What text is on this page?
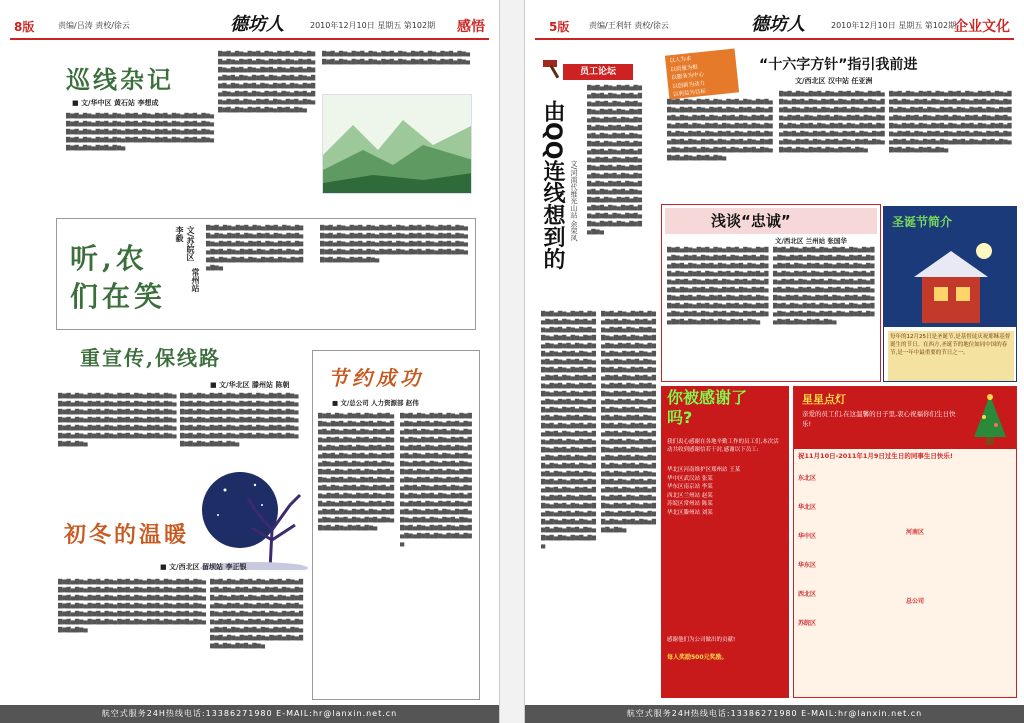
8版	责编/吕涛 责校/徐云	德坊人	2010年12月10日 星期五 第102期 感悟
巡线杂记
■ 文/华中区 黄石站 李想成
▇▆▇▅▇▆▅▇▆▇▅▇▆▅▇▆▇▅▇▆▅▇▆▇▅▇▆▅▇▆▇▅▇▆▅▇▆▇▅▇▆▅▇▆▇▅▇▆▅▇▆▇▅▇▆▅▇▆▇▅▇▆▅▇▆▇▅▇▆▅▇▆▇▅▇▆▅▇▆▇▅▇▆▅▇▆▇▅▇▆▅▇▆▇▅▇▆▅▇▆▇▅▇▆▅▇▆▇▅▇▆▅▇▆▇▅▇▆▅▇▆▇▅▇▆▅▇▆▇▅▇▆▅▇▆▇▅▇▆▅▇▆▇▅▇▆▅▇▆▇▅▇▆▅
▇▆▇▅▇▆▅▇▆▇▅▇▆▅▇▆▇▅▇▆▅▇▆▇▅▇▆▅▇▆▇▅▇▆▅▇▆▇▅▇▆▅▇▆▇▅▇▆▅▇▆▇▅▇▆▅▇▆▇▅▇▆▅▇▆▇▅▇▆▅▇▆▇▅▇▆▅▇▆▇▅▇▆▅▇▆▇▅▇▆▅▇▆▇▅▇▆▅▇▆▇▅▇▆▅▇▆▇▅▇▆▅▇▆▇▅▇▆▅▇▆▇▅▇▆▅▇▆▇▅▇▆▅▇▆▇▅▇▆▅▇▆▇▅▇▆▅▇▆▇▅▇▆▅▇▆▇▅▇▆▅▇▆▇▅▇▆▅▇▆▇▅▇▆▅▇▆▇▅▇▆▅
▇▆▇▅▇▆▅▇▆▇▅▇▆▅▇▆▇▅▇▆▅▇▆▇▅▇▆▅▇▆▇▅▇▆▅▇▆▇▅▇▆▅▇▆▇▅▇▆▅▇▆▇▅▇▆▅▇▆▇▅▇▆▅▇▆▇▅▇▆▅
听,农们在笑
文/苏皖区 李毅
常州站
▇▆▇▅▇▆▅▇▆▇▅▇▆▅▇▆▇▅▇▆▅▇▆▇▅▇▆▅▇▆▇▅▇▆▅▇▆▇▅▇▆▅▇▆▇▅▇▆▅▇▆▇▅▇▆▅▇▆▇▅▇▆▅▇▆▇▅▇▆▅▇▆▇▅▇▆▅▇▆▇▅▇▆▅▇▆▇▅▇▆▅▇▆▇▅▇▆▅▇▆▇▅▇▆▅▇▆▇▅▇▆▅▇▆▇▅▇▆▅
▇▆▇▅▇▆▅▇▆▇▅▇▆▅▇▆▇▅▇▆▅▇▆▇▅▇▆▅▇▆▇▅▇▆▅▇▆▇▅▇▆▅▇▆▇▅▇▆▅▇▆▇▅▇▆▅▇▆▇▅▇▆▅▇▆▇▅▇▆▅▇▆▇▅▇▆▅▇▆▇▅▇▆▅▇▆▇▅▇▆▅▇▆▇▅▇▆▅▇▆▇▅▇▆▅▇▆▇▅▇▆▅▇▆▇▅▇▆▅▇▆▇▅▇▆▅▇▆▇▅▇▆▅▇▆▇▅▇▆▅▇▆▇▅▇▆▅▇▆▇▅▇▆▅
重宣传,保线路
■ 文/华北区 滕州站 陈朝
▇▆▇▅▇▆▅▇▆▇▅▇▆▅▇▆▇▅▇▆▅▇▆▇▅▇▆▅▇▆▇▅▇▆▅▇▆▇▅▇▆▅▇▆▇▅▇▆▅▇▆▇▅▇▆▅▇▆▇▅▇▆▅▇▆▇▅▇▆▅▇▆▇▅▇▆▅▇▆▇▅▇▆▅▇▆▇▅▇▆▅▇▆▇▅▇▆▅▇▆▇▅▇▆▅▇▆▇▅▇▆▅▇▆▇▅▇▆▅▇▆▇▅▇▆▅▇▆▇▅▇▆▅▇▆▇▅▇▆▅▇▆▇▅▇▆▅▇▆▇▅▇▆▅▇▆▇▅▇▆▅▇▆▇▅▇▆▅▇▆▇▅▇▆▅
▇▆▇▅▇▆▅▇▆▇▅▇▆▅▇▆▇▅▇▆▅▇▆▇▅▇▆▅▇▆▇▅▇▆▅▇▆▇▅▇▆▅▇▆▇▅▇▆▅▇▆▇▅▇▆▅▇▆▇▅▇▆▅▇▆▇▅▇▆▅▇▆▇▅▇▆▅▇▆▇▅▇▆▅▇▆▇▅▇▆▅▇▆▇▅▇▆▅▇▆▇▅▇▆▅▇▆▇▅▇▆▅▇▆▇▅▇▆▅▇▆▇▅▇▆▅▇▆▇▅▇▆▅▇▆▇▅▇▆▅▇▆▇▅▇▆▅▇▆▇▅▇▆▅▇▆▇▅▇▆▅▇▆▇▅▇▆▅▇▆▇▅▇▆▅▇▆▇▅▇▆▅
节约成功
■ 文/总公司 人力资源部 赵伟
▇▆▇▅▇▆▅▇▆▇▅▇▆▅▇▆▇▅▇▆▅▇▆▇▅▇▆▅▇▆▇▅▇▆▅▇▆▇▅▇▆▅▇▆▇▅▇▆▅▇▆▇▅▇▆▅▇▆▇▅▇▆▅▇▆▇▅▇▆▅▇▆▇▅▇▆▅▇▆▇▅▇▆▅▇▆▇▅▇▆▅▇▆▇▅▇▆▅▇▆▇▅▇▆▅▇▆▇▅▇▆▅▇▆▇▅▇▆▅▇▆▇▅▇▆▅▇▆▇▅▇▆▅▇▆▇▅▇▆▅▇▆▇▅▇▆▅▇▆▇▅▇▆▅▇▆▇▅▇▆▅▇▆▇▅▇▆▅▇▆▇▅▇▆▅▇▆▇▅▇▆▅▇▆▇▅▇▆▅▇▆▇▅▇▆▅▇▆▇▅▇▆▅▇▆▇▅▇▆▅▇▆▇▅▇▆▅▇▆▇▅▇▆▅▇▆▇▅▇▆▅▇▆▇▅▇▆▅▇▆▇▅▇▆▅▇▆▇▅▇▆▅▇▆▇▅▇▆▅▇▆▇▅▇▆▅
▇▆▇▅▇▆▅▇▆▇▅▇▆▅▇▆▇▅▇▆▅▇▆▇▅▇▆▅▇▆▇▅▇▆▅▇▆▇▅▇▆▅▇▆▇▅▇▆▅▇▆▇▅▇▆▅▇▆▇▅▇▆▅▇▆▇▅▇▆▅▇▆▇▅▇▆▅▇▆▇▅▇▆▅▇▆▇▅▇▆▅▇▆▇▅▇▆▅▇▆▇▅▇▆▅▇▆▇▅▇▆▅▇▆▇▅▇▆▅▇▆▇▅▇▆▅▇▆▇▅▇▆▅▇▆▇▅▇▆▅▇▆▇▅▇▆▅▇▆▇▅▇▆▅▇▆▇▅▇▆▅▇▆▇▅▇▆▅▇▆▇▅▇▆▅▇▆▇▅▇▆▅▇▆▇▅▇▆▅▇▆▇▅▇▆▅▇▆▇▅▇▆▅▇▆▇▅▇▆▅▇▆▇▅▇▆▅▇▆▇▅▇▆▅▇▆▇▅▇▆▅▇▆▇▅▇▆▅▇▆▇▅▇▆▅▇▆▇▅▇▆▅▇▆▇▅▇▆▅▇▆▇▅▇▆▅▇▆▇▅▇▆▅
初冬的温暖
■ 文/西北区 留坝站 李正银
▇▆▇▅▇▆▅▇▆▇▅▇▆▅▇▆▇▅▇▆▅▇▆▇▅▇▆▅▇▆▇▅▇▆▅▇▆▇▅▇▆▅▇▆▇▅▇▆▅▇▆▇▅▇▆▅▇▆▇▅▇▆▅▇▆▇▅▇▆▅▇▆▇▅▇▆▅▇▆▇▅▇▆▅▇▆▇▅▇▆▅▇▆▇▅▇▆▅▇▆▇▅▇▆▅▇▆▇▅▇▆▅▇▆▇▅▇▆▅▇▆▇▅▇▆▅▇▆▇▅▇▆▅▇▆▇▅▇▆▅▇▆▇▅▇▆▅▇▆▇▅▇▆▅▇▆▇▅▇▆▅▇▆▇▅▇▆▅▇▆▇▅▇▆▅▇▆▇▅▇▆▅▇▆▇▅▇▆▅▇▆▇▅▇▆▅▇▆▇▅▇▆▅▇▆▇▅▇▆▅▇▆▇▅▇▆▅
▇▆▇▅▇▆▅▇▆▇▅▇▆▅▇▆▇▅▇▆▅▇▆▇▅▇▆▅▇▆▇▅▇▆▅▇▆▇▅▇▆▅▇▆▇▅▇▆▅▇▆▇▅▇▆▅▇▆▇▅▇▆▅▇▆▇▅▇▆▅▇▆▇▅▇▆▅▇▆▇▅▇▆▅▇▆▇▅▇▆▅▇▆▇▅▇▆▅▇▆▇▅▇▆▅▇▆▇▅▇▆▅▇▆▇▅▇▆▅▇▆▇▅▇▆▅▇▆▇▅▇▆▅▇▆▇▅▇▆▅▇▆▇▅▇▆▅▇▆▇▅▇▆▅▇▆▇▅▇▆▅▇▆▇▅▇▆▅▇▆▇▅▇▆▅▇▆▇▅▇▆▅▇▆▇▅▇▆▅
航空式服务24H热线电话:13386271980 E-MAIL:hr@lanxin.net.cn
5版 责编/王利轩 责校/徐云	德坊人	2010年12月10日 星期五 第102期
企业文化
员工论坛
由QQ连线想到的 文/河南代维光山站 余荣风
▇▆▇▅▇▆▅▇▆▇▅▇▆▅▇▆▇▅▇▆▅▇▆▇▅▇▆▅▇▆▇▅▇▆▅▇▆▇▅▇▆▅▇▆▇▅▇▆▅▇▆▇▅▇▆▅▇▆▇▅▇▆▅▇▆▇▅▇▆▅▇▆▇▅▇▆▅▇▆▇▅▇▆▅▇▆▇▅▇▆▅▇▆▇▅▇▆▅▇▆▇▅▇▆▅▇▆▇▅▇▆▅▇▆▇▅▇▆▅▇▆▇▅▇▆▅▇▆▇▅▇▆▅▇▆▇▅▇▆▅▇▆▇▅▇▆▅▇▆▇▅▇▆▅▇▆▇▅▇▆▅▇▆▇▅▇▆▅▇▆▇▅▇▆▅▇▆▇▅▇▆▅▇▆▇▅▇▆▅▇▆▇▅▇▆▅▇▆▇▅▇▆▅▇▆▇▅▇▆▅▇▆▇▅▇▆▅▇▆▇▅▇▆▅▇▆▇▅▇▆▅▇▆▇▅▇▆▅
▇▆▇▅▇▆▅▇▆▇▅▇▆▅▇▆▇▅▇▆▅▇▆▇▅▇▆▅▇▆▇▅▇▆▅▇▆▇▅▇▆▅▇▆▇▅▇▆▅▇▆▇▅▇▆▅▇▆▇▅▇▆▅▇▆▇▅▇▆▅▇▆▇▅▇▆▅▇▆▇▅▇▆▅▇▆▇▅▇▆▅▇▆▇▅▇▆▅▇▆▇▅▇▆▅▇▆▇▅▇▆▅▇▆▇▅▇▆▅▇▆▇▅▇▆▅▇▆▇▅▇▆▅▇▆▇▅▇▆▅▇▆▇▅▇▆▅▇▆▇▅▇▆▅▇▆▇▅▇▆▅▇▆▇▅▇▆▅▇▆▇▅▇▆▅▇▆▇▅▇▆▅▇▆▇▅▇▆▅▇▆▇▅▇▆▅▇▆▇▅▇▆▅▇▆▇▅▇▆▅▇▆▇▅▇▆▅▇▆▇▅▇▆▅▇▆▇▅▇▆▅▇▆▇▅▇▆▅▇▆▇▅▇▆▅▇▆▇▅▇▆▅▇▆▇▅▇▆▅▇▆▇▅▇▆▅▇▆▇▅▇▆▅▇▆▇▅▇▆▅▇▆▇▅▇▆▅▇▆▇▅▇▆▅▇▆▇▅▇▆▅▇▆▇▅▇▆▅▇▆▇▅▇▆▅▇▆▇▅▇▆▅▇▆▇▅▇▆▅▇▆▇▅▇▆▅▇▆▇▅▇▆▅▇▆▇▅▇▆▅▇▆▇▅▇▆▅▇▆▇▅▇▆▅▇▆▇▅▇▆▅▇▆▇▅▇▆▅
▇▆▇▅▇▆▅▇▆▇▅▇▆▅▇▆▇▅▇▆▅▇▆▇▅▇▆▅▇▆▇▅▇▆▅▇▆▇▅▇▆▅▇▆▇▅▇▆▅▇▆▇▅▇▆▅▇▆▇▅▇▆▅▇▆▇▅▇▆▅▇▆▇▅▇▆▅▇▆▇▅▇▆▅▇▆▇▅▇▆▅▇▆▇▅▇▆▅▇▆▇▅▇▆▅▇▆▇▅▇▆▅▇▆▇▅▇▆▅▇▆▇▅▇▆▅▇▆▇▅▇▆▅▇▆▇▅▇▆▅▇▆▇▅▇▆▅▇▆▇▅▇▆▅▇▆▇▅▇▆▅▇▆▇▅▇▆▅▇▆▇▅▇▆▅▇▆▇▅▇▆▅▇▆▇▅▇▆▅▇▆▇▅▇▆▅▇▆▇▅▇▆▅▇▆▇▅▇▆▅▇▆▇▅▇▆▅▇▆▇▅▇▆▅▇▆▇▅▇▆▅▇▆▇▅▇▆▅▇▆▇▅▇▆▅▇▆▇▅▇▆▅▇▆▇▅▇▆▅▇▆▇▅▇▆▅▇▆▇▅▇▆▅▇▆▇▅▇▆▅▇▆▇▅▇▆▅▇▆▇▅▇▆▅▇▆▇▅▇▆▅▇▆▇▅▇▆▅▇▆▇▅▇▆▅▇▆▇▅▇▆▅▇▆▇▅▇▆▅▇▆▇▅▇▆▅▇▆▇▅▇▆▅▇▆▇▅▇▆▅▇▆▇▅▇▆▅
以人为本
以质量为根
以服务为中心
以创新为动力
以利益为目标
“十六字方针”指引我前进
文/西北区 汉中站 任亚洲
▇▆▇▅▇▆▅▇▆▇▅▇▆▅▇▆▇▅▇▆▅▇▆▇▅▇▆▅▇▆▇▅▇▆▅▇▆▇▅▇▆▅▇▆▇▅▇▆▅▇▆▇▅▇▆▅▇▆▇▅▇▆▅▇▆▇▅▇▆▅▇▆▇▅▇▆▅▇▆▇▅▇▆▅▇▆▇▅▇▆▅▇▆▇▅▇▆▅▇▆▇▅▇▆▅▇▆▇▅▇▆▅▇▆▇▅▇▆▅▇▆▇▅▇▆▅▇▆▇▅▇▆▅▇▆▇▅▇▆▅▇▆▇▅▇▆▅▇▆▇▅▇▆▅▇▆▇▅▇▆▅▇▆▇▅▇▆▅▇▆▇▅▇▆▅▇▆▇▅▇▆▅▇▆▇▅▇▆▅
▇▆▇▅▇▆▅▇▆▇▅▇▆▅▇▆▇▅▇▆▅▇▆▇▅▇▆▅▇▆▇▅▇▆▅▇▆▇▅▇▆▅▇▆▇▅▇▆▅▇▆▇▅▇▆▅▇▆▇▅▇▆▅▇▆▇▅▇▆▅▇▆▇▅▇▆▅▇▆▇▅▇▆▅▇▆▇▅▇▆▅▇▆▇▅▇▆▅▇▆▇▅▇▆▅▇▆▇▅▇▆▅▇▆▇▅▇▆▅▇▆▇▅▇▆▅▇▆▇▅▇▆▅▇▆▇▅▇▆▅▇▆▇▅▇▆▅▇▆▇▅▇▆▅▇▆▇▅▇▆▅▇▆▇▅▇▆▅▇▆▇▅▇▆▅▇▆▇▅▇▆▅▇▆▇▅▇▆▅▇▆▇▅▇▆▅
▇▆▇▅▇▆▅▇▆▇▅▇▆▅▇▆▇▅▇▆▅▇▆▇▅▇▆▅▇▆▇▅▇▆▅▇▆▇▅▇▆▅▇▆▇▅▇▆▅▇▆▇▅▇▆▅▇▆▇▅▇▆▅▇▆▇▅▇▆▅▇▆▇▅▇▆▅▇▆▇▅▇▆▅▇▆▇▅▇▆▅▇▆▇▅▇▆▅▇▆▇▅▇▆▅▇▆▇▅▇▆▅▇▆▇▅▇▆▅▇▆▇▅▇▆▅▇▆▇▅▇▆▅▇▆▇▅▇▆▅▇▆▇▅▇▆▅▇▆▇▅▇▆▅▇▆▇▅▇▆▅▇▆▇▅▇▆▅▇▆▇▅▇▆▅▇▆▇▅▇▆▅▇▆▇▅▇▆▅▇▆▇▅▇▆▅▇▆▇▅▇▆▅▇▆▇▅▇▆▅▇▆▇▅▇▆▅
浅谈“忠诚”
文/西北区 兰州站 张国华
▇▆▇▅▇▆▅▇▆▇▅▇▆▅▇▆▇▅▇▆▅▇▆▇▅▇▆▅▇▆▇▅▇▆▅▇▆▇▅▇▆▅▇▆▇▅▇▆▅▇▆▇▅▇▆▅▇▆▇▅▇▆▅▇▆▇▅▇▆▅▇▆▇▅▇▆▅▇▆▇▅▇▆▅▇▆▇▅▇▆▅▇▆▇▅▇▆▅▇▆▇▅▇▆▅▇▆▇▅▇▆▅▇▆▇▅▇▆▅▇▆▇▅▇▆▅▇▆▇▅▇▆▅▇▆▇▅▇▆▅▇▆▇▅▇▆▅▇▆▇▅▇▆▅▇▆▇▅▇▆▅▇▆▇▅▇▆▅▇▆▇▅▇▆▅▇▆▇▅▇▆▅▇▆▇▅▇▆▅▇▆▇▅▇▆▅▇▆▇▅▇▆▅▇▆▇▅▇▆▅▇▆▇▅▇▆▅▇▆▇▅▇▆▅▇▆▇▅▇▆▅▇▆▇▅▇▆▅
▇▆▇▅▇▆▅▇▆▇▅▇▆▅▇▆▇▅▇▆▅▇▆▇▅▇▆▅▇▆▇▅▇▆▅▇▆▇▅▇▆▅▇▆▇▅▇▆▅▇▆▇▅▇▆▅▇▆▇▅▇▆▅▇▆▇▅▇▆▅▇▆▇▅▇▆▅▇▆▇▅▇▆▅▇▆▇▅▇▆▅▇▆▇▅▇▆▅▇▆▇▅▇▆▅▇▆▇▅▇▆▅▇▆▇▅▇▆▅▇▆▇▅▇▆▅▇▆▇▅▇▆▅▇▆▇▅▇▆▅▇▆▇▅▇▆▅▇▆▇▅▇▆▅▇▆▇▅▇▆▅▇▆▇▅▇▆▅▇▆▇▅▇▆▅▇▆▇▅▇▆▅▇▆▇▅▇▆▅▇▆▇▅▇▆▅▇▆▇▅▇▆▅▇▆▇▅▇▆▅▇▆▇▅▇▆▅▇▆▇▅▇▆▅▇▆▇▅▇▆▅
圣诞节简介
每年的12月25日是圣诞节,是基督徒庆祝耶稣基督诞生的节日。在西方,圣诞节的地位如同中国的春节,是一年中最重要的节日之一。
你被感谢了吗?
我们衷心感谢在各地辛勤工作的员工们,本次活动共收到感谢信若干封,感谢以下员工:
华北区河南维护区郑州站 王某
华中区武汉站 张某
华东区南京站 李某
西北区兰州站 赵某
苏皖区常州站 陈某
华北区滕州站 刘某
感谢他们为公司做出的贡献!
每人奖励500元奖励。
星星点灯
亲爱的员工们,在这温馨的日子里,衷心祝福你们生日快乐!
祝11月10日-2011年1月9日过生日的同事生日快乐!
东北区
华北区
华中区
华东区
西北区
苏皖区
河南区
总公司
航空式服务24H热线电话:13386271980 E-MAIL:hr@lanxin.net.cn
